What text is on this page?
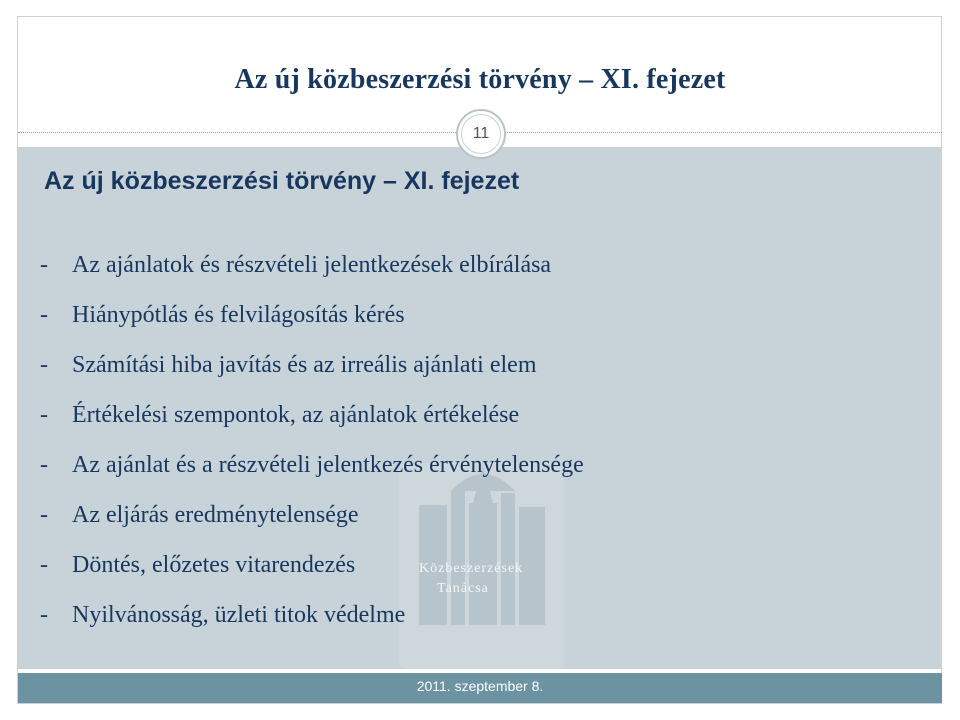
Az új közbeszerzési törvény – XI. fejezet
11
Közbeszerzések
Tanácsa
Az új közbeszerzési törvény – XI. fejezet
-	Az ajánlatok és részvételi jelentkezések elbírálása
-	Hiánypótlás és felvilágosítás kérés
-	Számítási hiba javítás és az irreális ajánlati elem
-	Értékelési szempontok, az ajánlatok értékelése
-	Az ajánlat és a részvételi jelentkezés érvénytelensége
-	Az eljárás eredménytelensége
-	Döntés, előzetes vitarendezés
-	Nyilvánosság, üzleti titok védelme
2011. szeptember 8.
